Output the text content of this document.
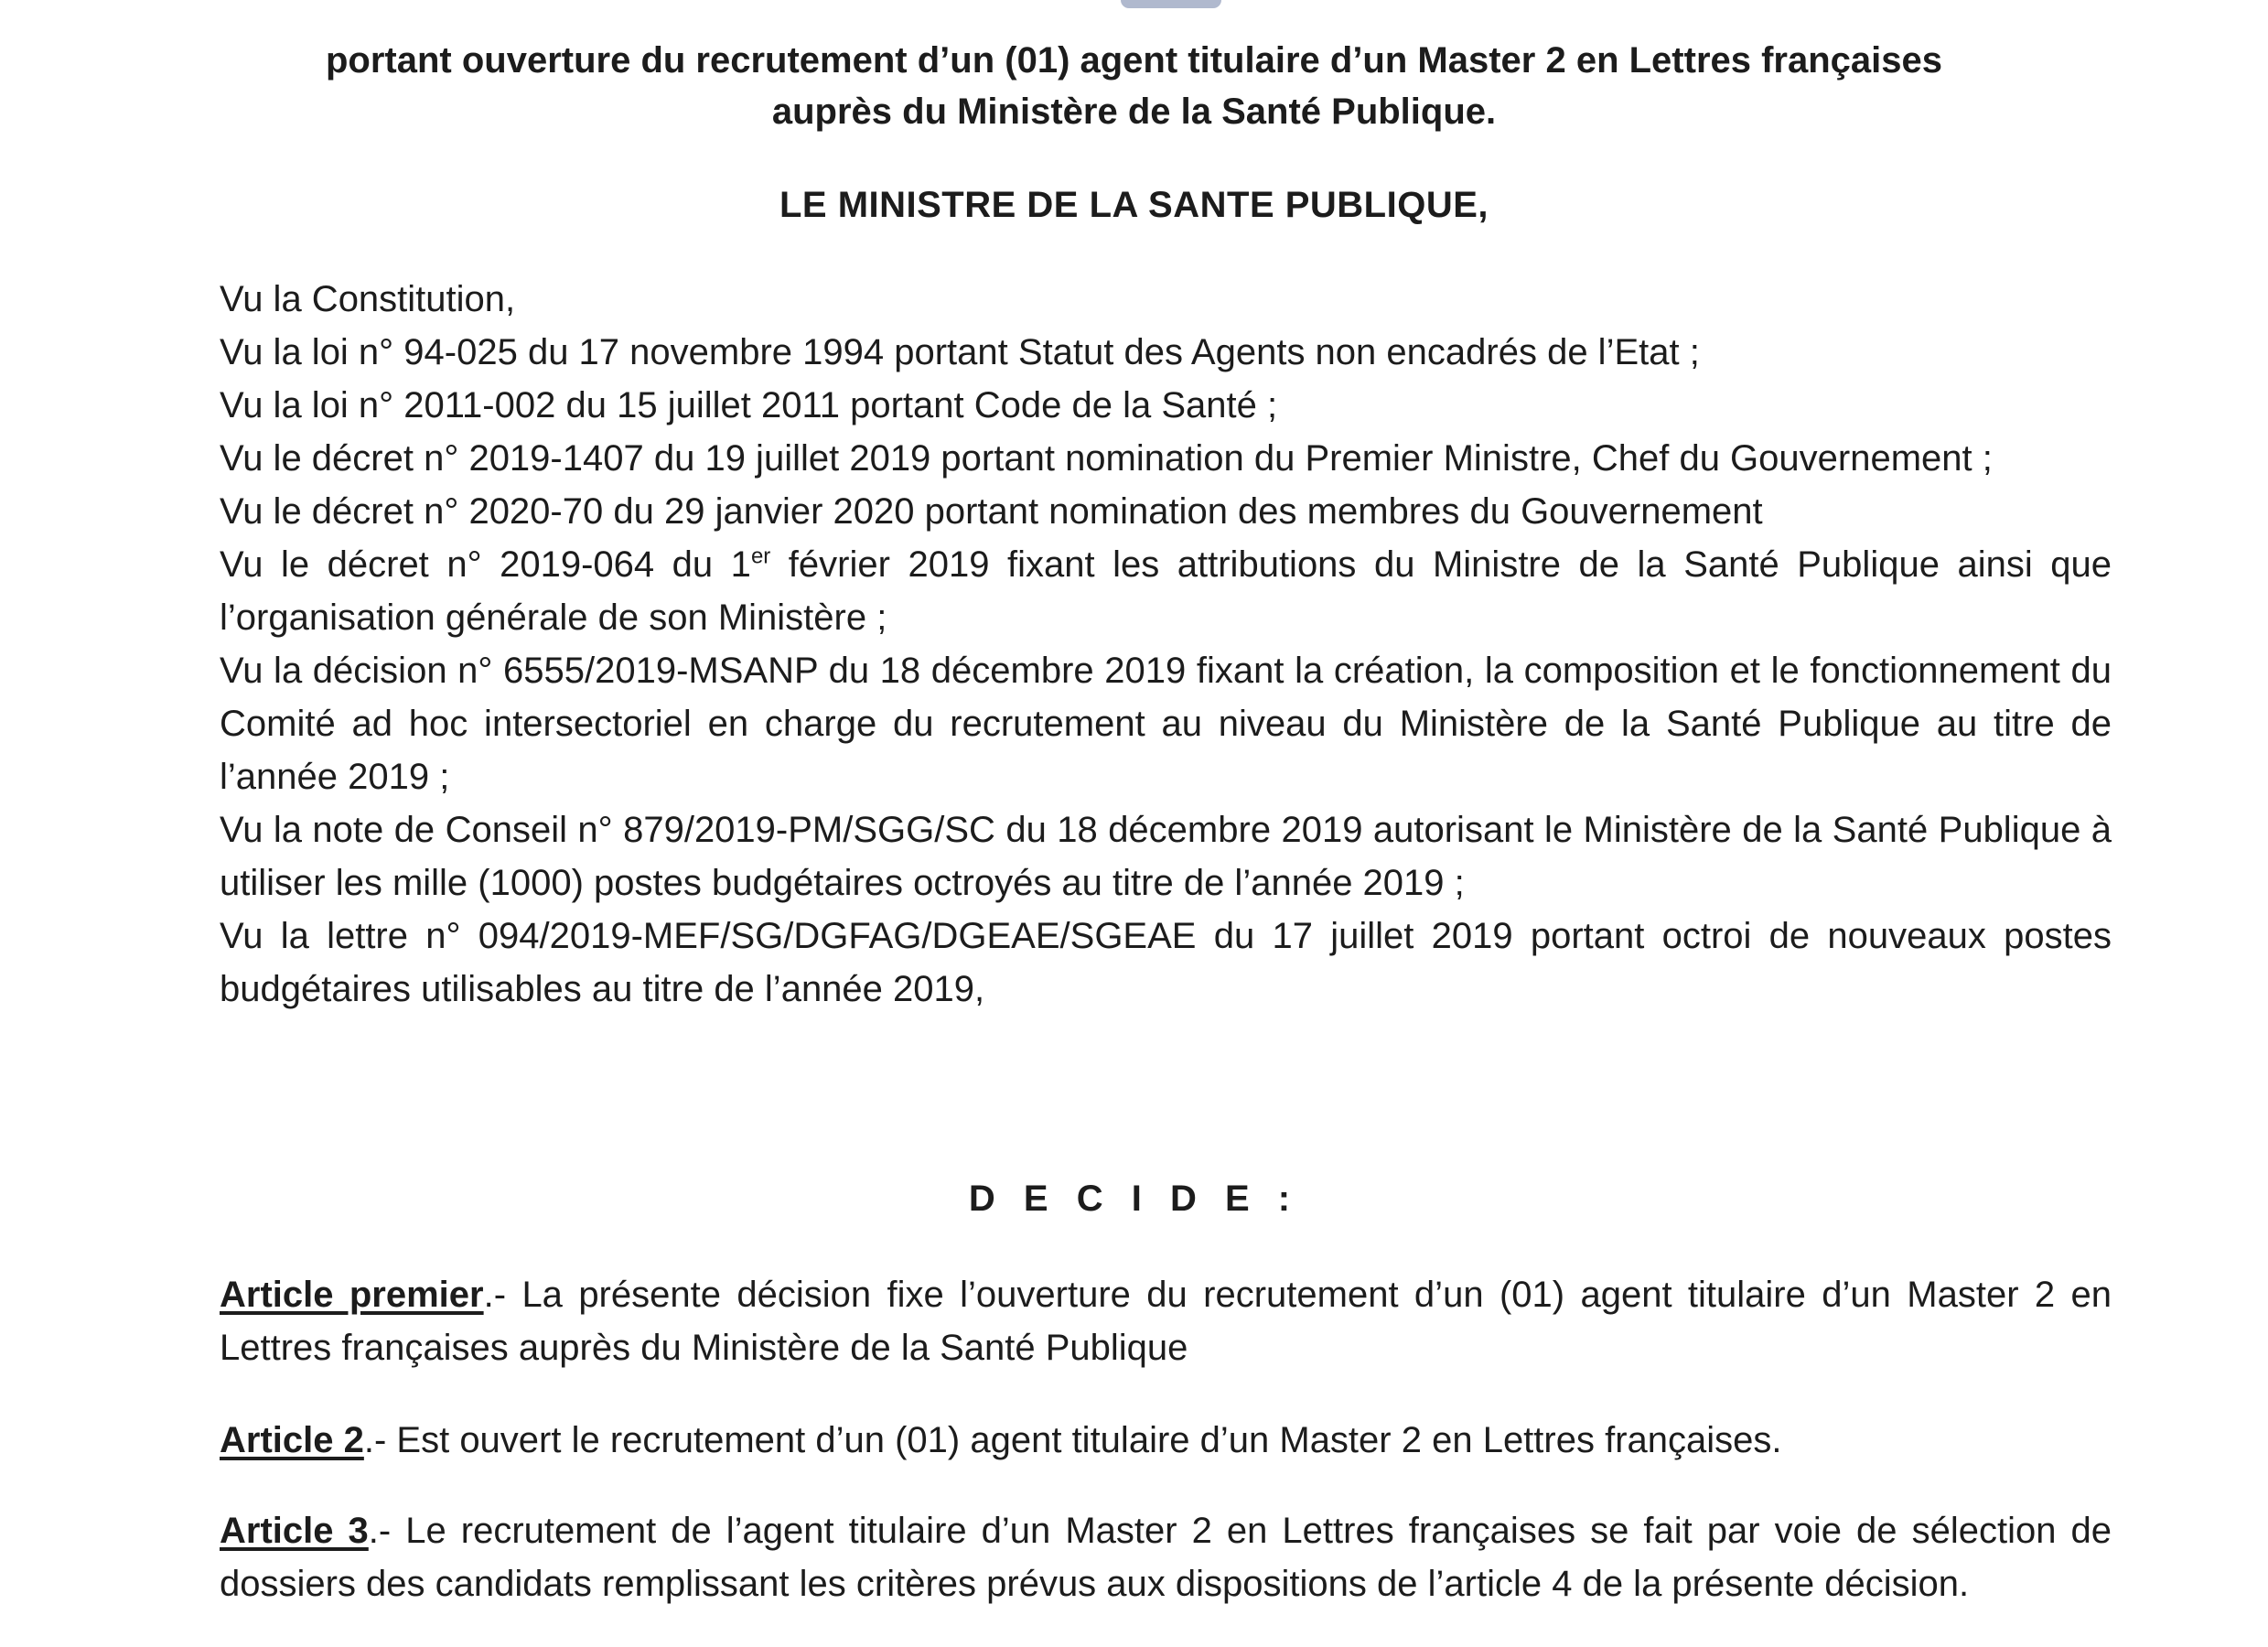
portant ouverture du recrutement d’un (01) agent titulaire d’un Master 2 en Lettres françaises
auprès du Ministère de la Santé Publique.
LE MINISTRE DE LA SANTE PUBLIQUE,

Vu la Constitution,

Vu la loi n° 94-025 du 17 novembre 1994 portant Statut des Agents non encadrés de l’Etat ;

Vu la loi n° 2011-002 du 15 juillet 2011 portant Code de la Santé ;

Vu le décret n° 2019-1407 du 19 juillet 2019 portant nomination du Premier Ministre, Chef du Gouvernement ;

Vu le décret n° 2020-70 du 29 janvier 2020 portant nomination des membres du Gouvernement

Vu le décret n° 2019-064 du 1er février 2019 fixant les attributions du Ministre de la Santé Publique ainsi que l’organisation générale de son Ministère ;

Vu la décision n° 6555/2019-MSANP du 18 décembre 2019 fixant la création, la composition et le fonctionnement du Comité ad hoc intersectoriel en charge du recrutement au niveau du Ministère de la Santé Publique au titre de l’année 2019 ;

Vu la note de Conseil n° 879/2019-PM/SGG/SC du 18 décembre 2019 autorisant le Ministère de la Santé Publique à utiliser les mille (1000) postes budgétaires octroyés au titre de l’année 2019 ;

Vu la lettre n° 094/2019-MEF/SG/DGFAG/DGEAE/SGEAE du 17 juillet 2019 portant octroi de nouveaux postes budgétaires utilisables au titre de l’année 2019,

D E C I D E :

Article premier.- La présente décision fixe l’ouverture du recrutement d’un (01) agent titulaire d’un Master 2 en Lettres françaises auprès du Ministère de la Santé Publique

Article 2.- Est ouvert le recrutement d’un (01) agent titulaire d’un Master 2 en Lettres françaises.

Article 3.- Le recrutement de l’agent titulaire d’un Master 2 en Lettres françaises se fait par voie de sélection de dossiers des candidats remplissant les critères prévus aux dispositions de l’article 4 de la présente décision.
